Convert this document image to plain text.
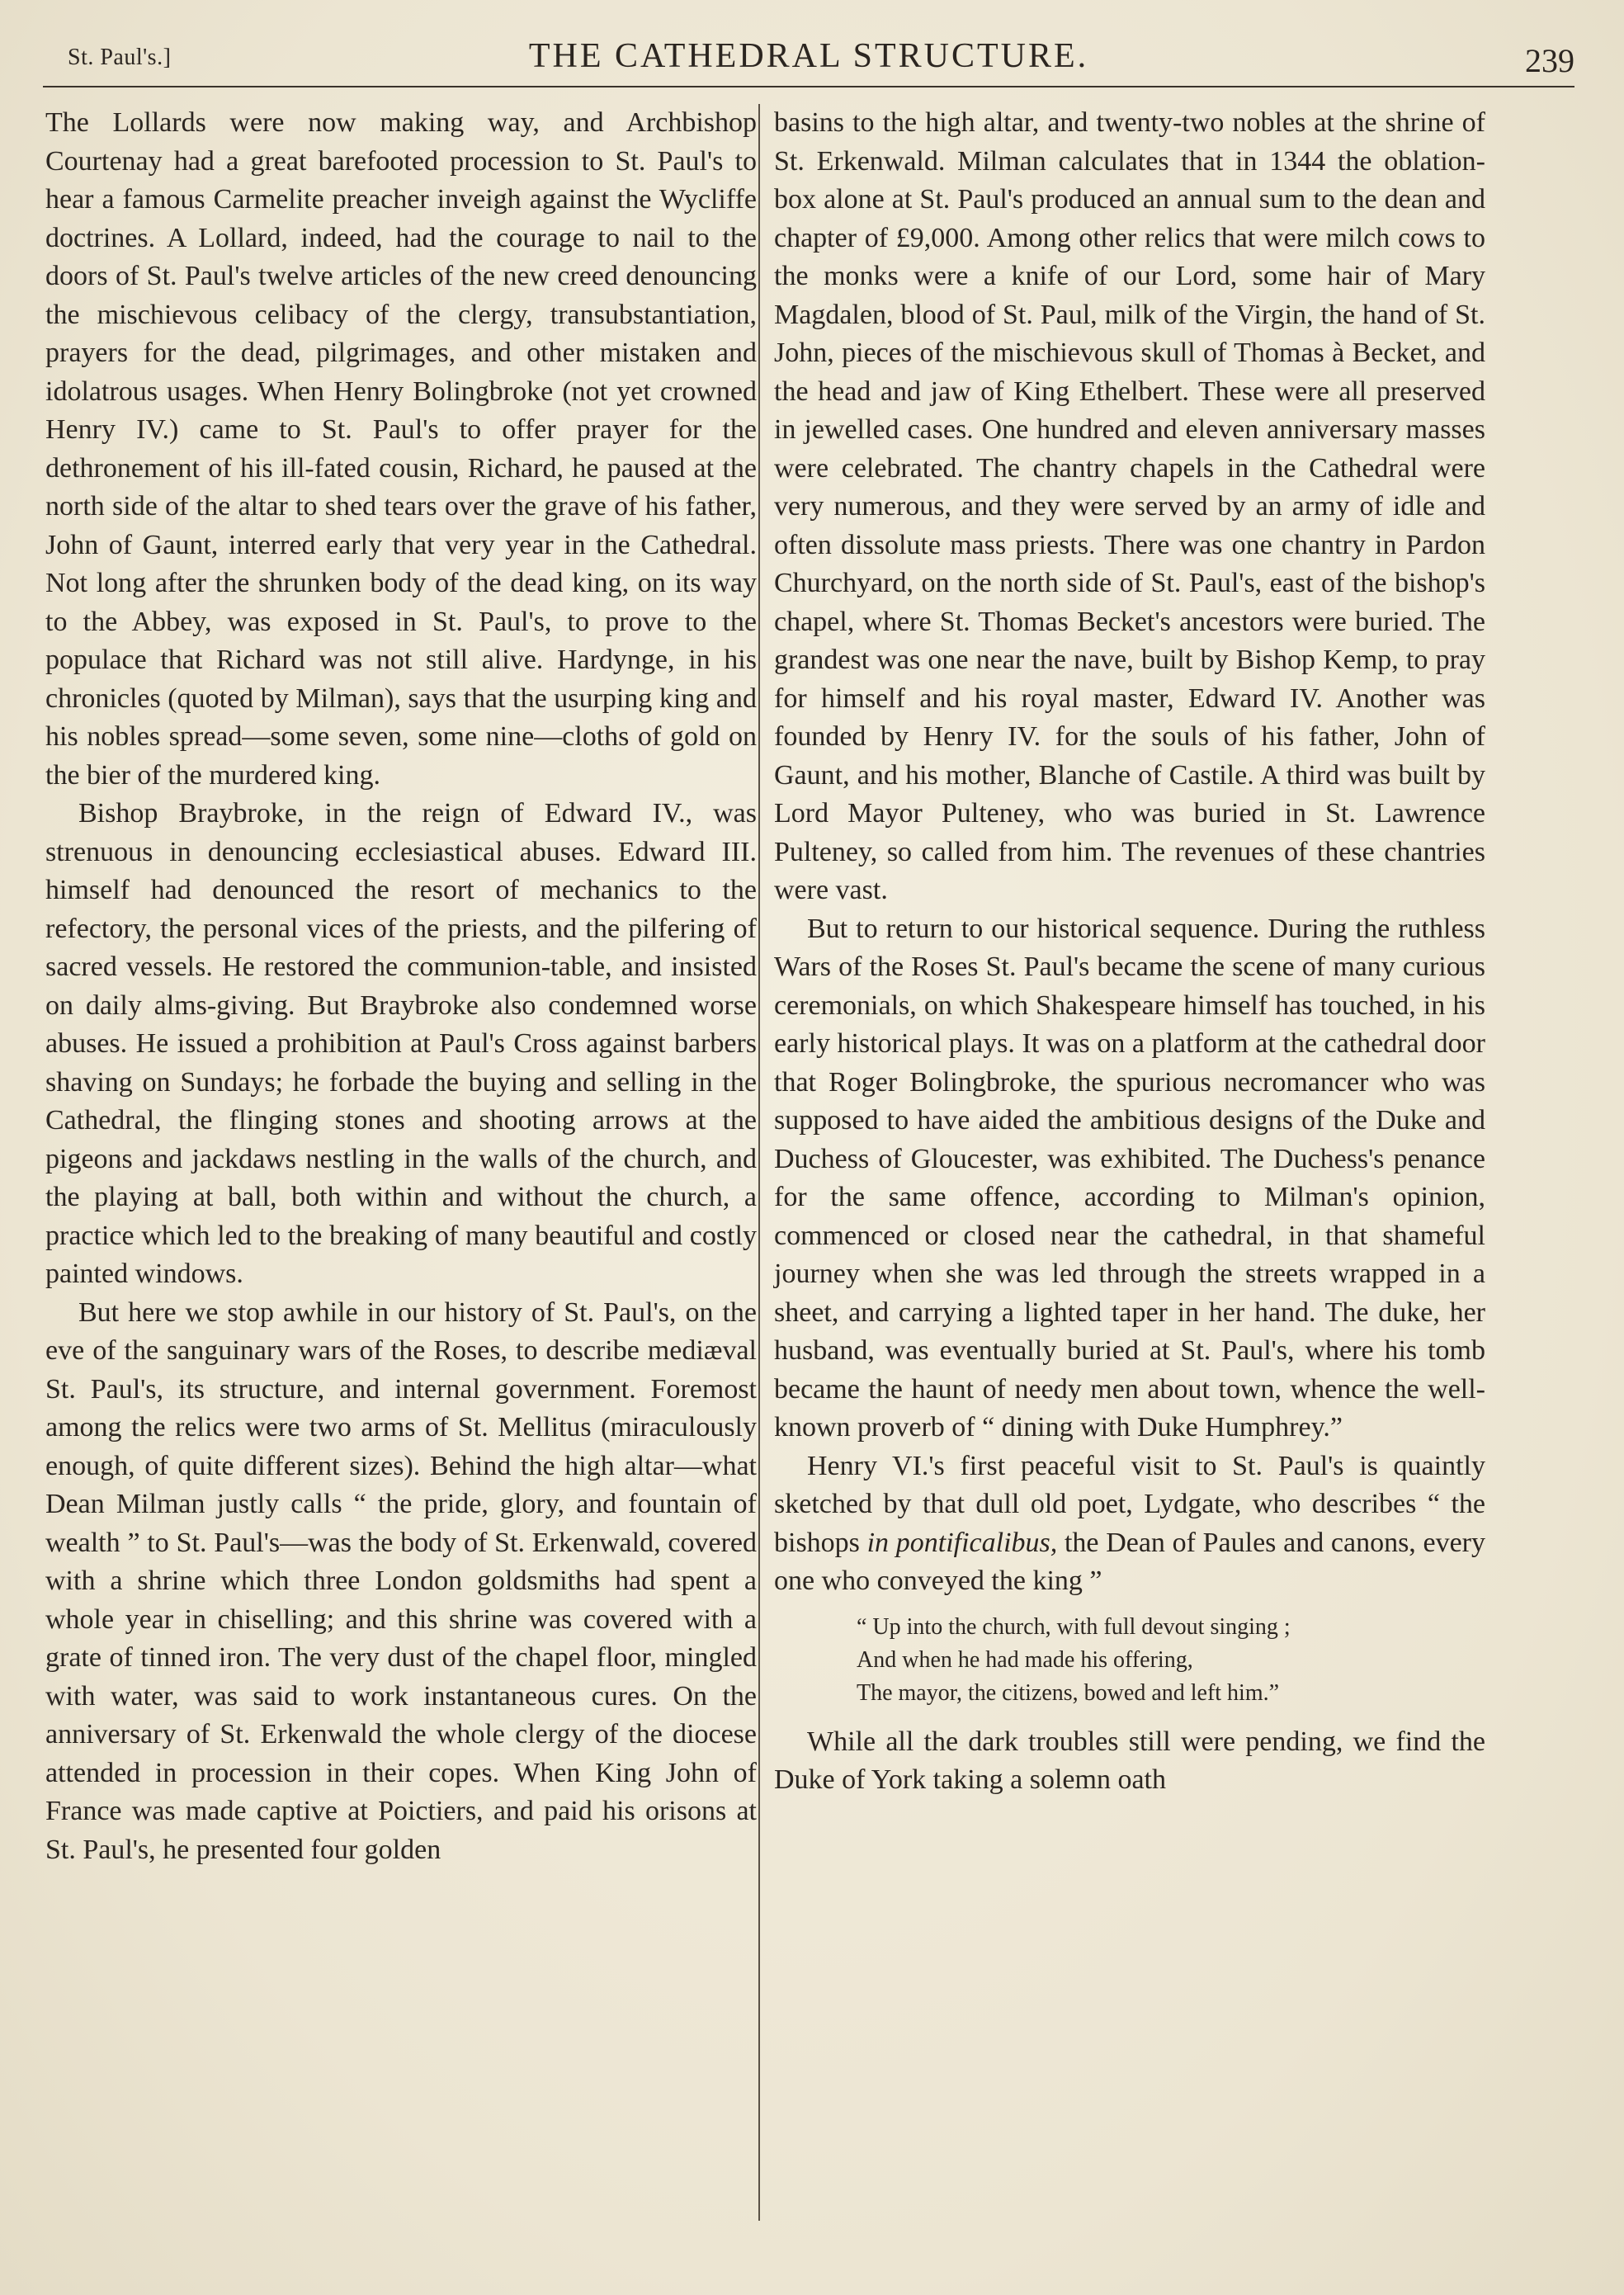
St. Paul's.]	THE CATHEDRAL STRUCTURE.	239

The Lollards were now making way, and Archbishop Courtenay had a great barefooted procession to St. Paul's to hear a famous Carmelite preacher inveigh against the Wycliffe doctrines. A Lollard, indeed, had the courage to nail to the doors of St. Paul's twelve articles of the new creed denouncing the mischievous celibacy of the clergy, transubstantiation, prayers for the dead, pilgrimages, and other mistaken and idolatrous usages. When Henry Bolingbroke (not yet crowned Henry IV.) came to St. Paul's to offer prayer for the dethronement of his ill-fated cousin, Richard, he paused at the north side of the altar to shed tears over the grave of his father, John of Gaunt, interred early that very year in the Cathedral. Not long after the shrunken body of the dead king, on its way to the Abbey, was exposed in St. Paul's, to prove to the populace that Richard was not still alive. Hardynge, in his chronicles (quoted by Milman), says that the usurping king and his nobles spread—some seven, some nine—cloths of gold on the bier of the murdered king.

Bishop Braybroke, in the reign of Edward IV., was strenuous in denouncing ecclesiastical abuses. Edward III. himself had denounced the resort of mechanics to the refectory, the personal vices of the priests, and the pilfering of sacred vessels. He restored the communion-table, and insisted on daily alms-giving. But Braybroke also condemned worse abuses. He issued a prohibition at Paul's Cross against barbers shaving on Sundays; he forbade the buying and selling in the Cathedral, the flinging stones and shooting arrows at the pigeons and jackdaws nestling in the walls of the church, and the playing at ball, both within and without the church, a practice which led to the breaking of many beautiful and costly painted windows.

But here we stop awhile in our history of St. Paul's, on the eve of the sanguinary wars of the Roses, to describe mediæval St. Paul's, its structure, and internal government. Foremost among the relics were two arms of St. Mellitus (miraculously enough, of quite different sizes). Behind the high altar—what Dean Milman justly calls “ the pride, glory, and fountain of wealth ” to St. Paul's—was the body of St. Erkenwald, covered with a shrine which three London goldsmiths had spent a whole year in chiselling; and this shrine was covered with a grate of tinned iron. The very dust of the chapel floor, mingled with water, was said to work instantaneous cures. On the anniversary of St. Erkenwald the whole clergy of the diocese attended in procession in their copes. When King John of France was made captive at Poictiers, and paid his orisons at St. Paul's, he presented four golden

basins to the high altar, and twenty-two nobles at the shrine of St. Erkenwald. Milman calculates that in 1344 the oblation-box alone at St. Paul's produced an annual sum to the dean and chapter of £9,000. Among other relics that were milch cows to the monks were a knife of our Lord, some hair of Mary Magdalen, blood of St. Paul, milk of the Virgin, the hand of St. John, pieces of the mischievous skull of Thomas à Becket, and the head and jaw of King Ethelbert. These were all preserved in jewelled cases. One hundred and eleven anniversary masses were celebrated. The chantry chapels in the Cathedral were very numerous, and they were served by an army of idle and often dissolute mass priests. There was one chantry in Pardon Churchyard, on the north side of St. Paul's, east of the bishop's chapel, where St. Thomas Becket's ancestors were buried. The grandest was one near the nave, built by Bishop Kemp, to pray for himself and his royal master, Edward IV. Another was founded by Henry IV. for the souls of his father, John of Gaunt, and his mother, Blanche of Castile. A third was built by Lord Mayor Pulteney, who was buried in St. Lawrence Pulteney, so called from him. The revenues of these chantries were vast.

But to return to our historical sequence. During the ruthless Wars of the Roses St. Paul's became the scene of many curious ceremonials, on which Shakespeare himself has touched, in his early historical plays. It was on a platform at the cathedral door that Roger Bolingbroke, the spurious necromancer who was supposed to have aided the ambitious designs of the Duke and Duchess of Gloucester, was exhibited. The Duchess's penance for the same offence, according to Milman's opinion, commenced or closed near the cathedral, in that shameful journey when she was led through the streets wrapped in a sheet, and carrying a lighted taper in her hand. The duke, her husband, was eventually buried at St. Paul's, where his tomb became the haunt of needy men about town, whence the well-known proverb of “ dining with Duke Humphrey.”

Henry VI.'s first peaceful visit to St. Paul's is quaintly sketched by that dull old poet, Lydgate, who describes “ the bishops in pontificalibus, the Dean of Paules and canons, every one who conveyed the king ”

“ Up into the church, with full devout singing ;
And when he had made his offering,
The mayor, the citizens, bowed and left him.”

While all the dark troubles still were pending, we find the Duke of York taking a solemn oath
